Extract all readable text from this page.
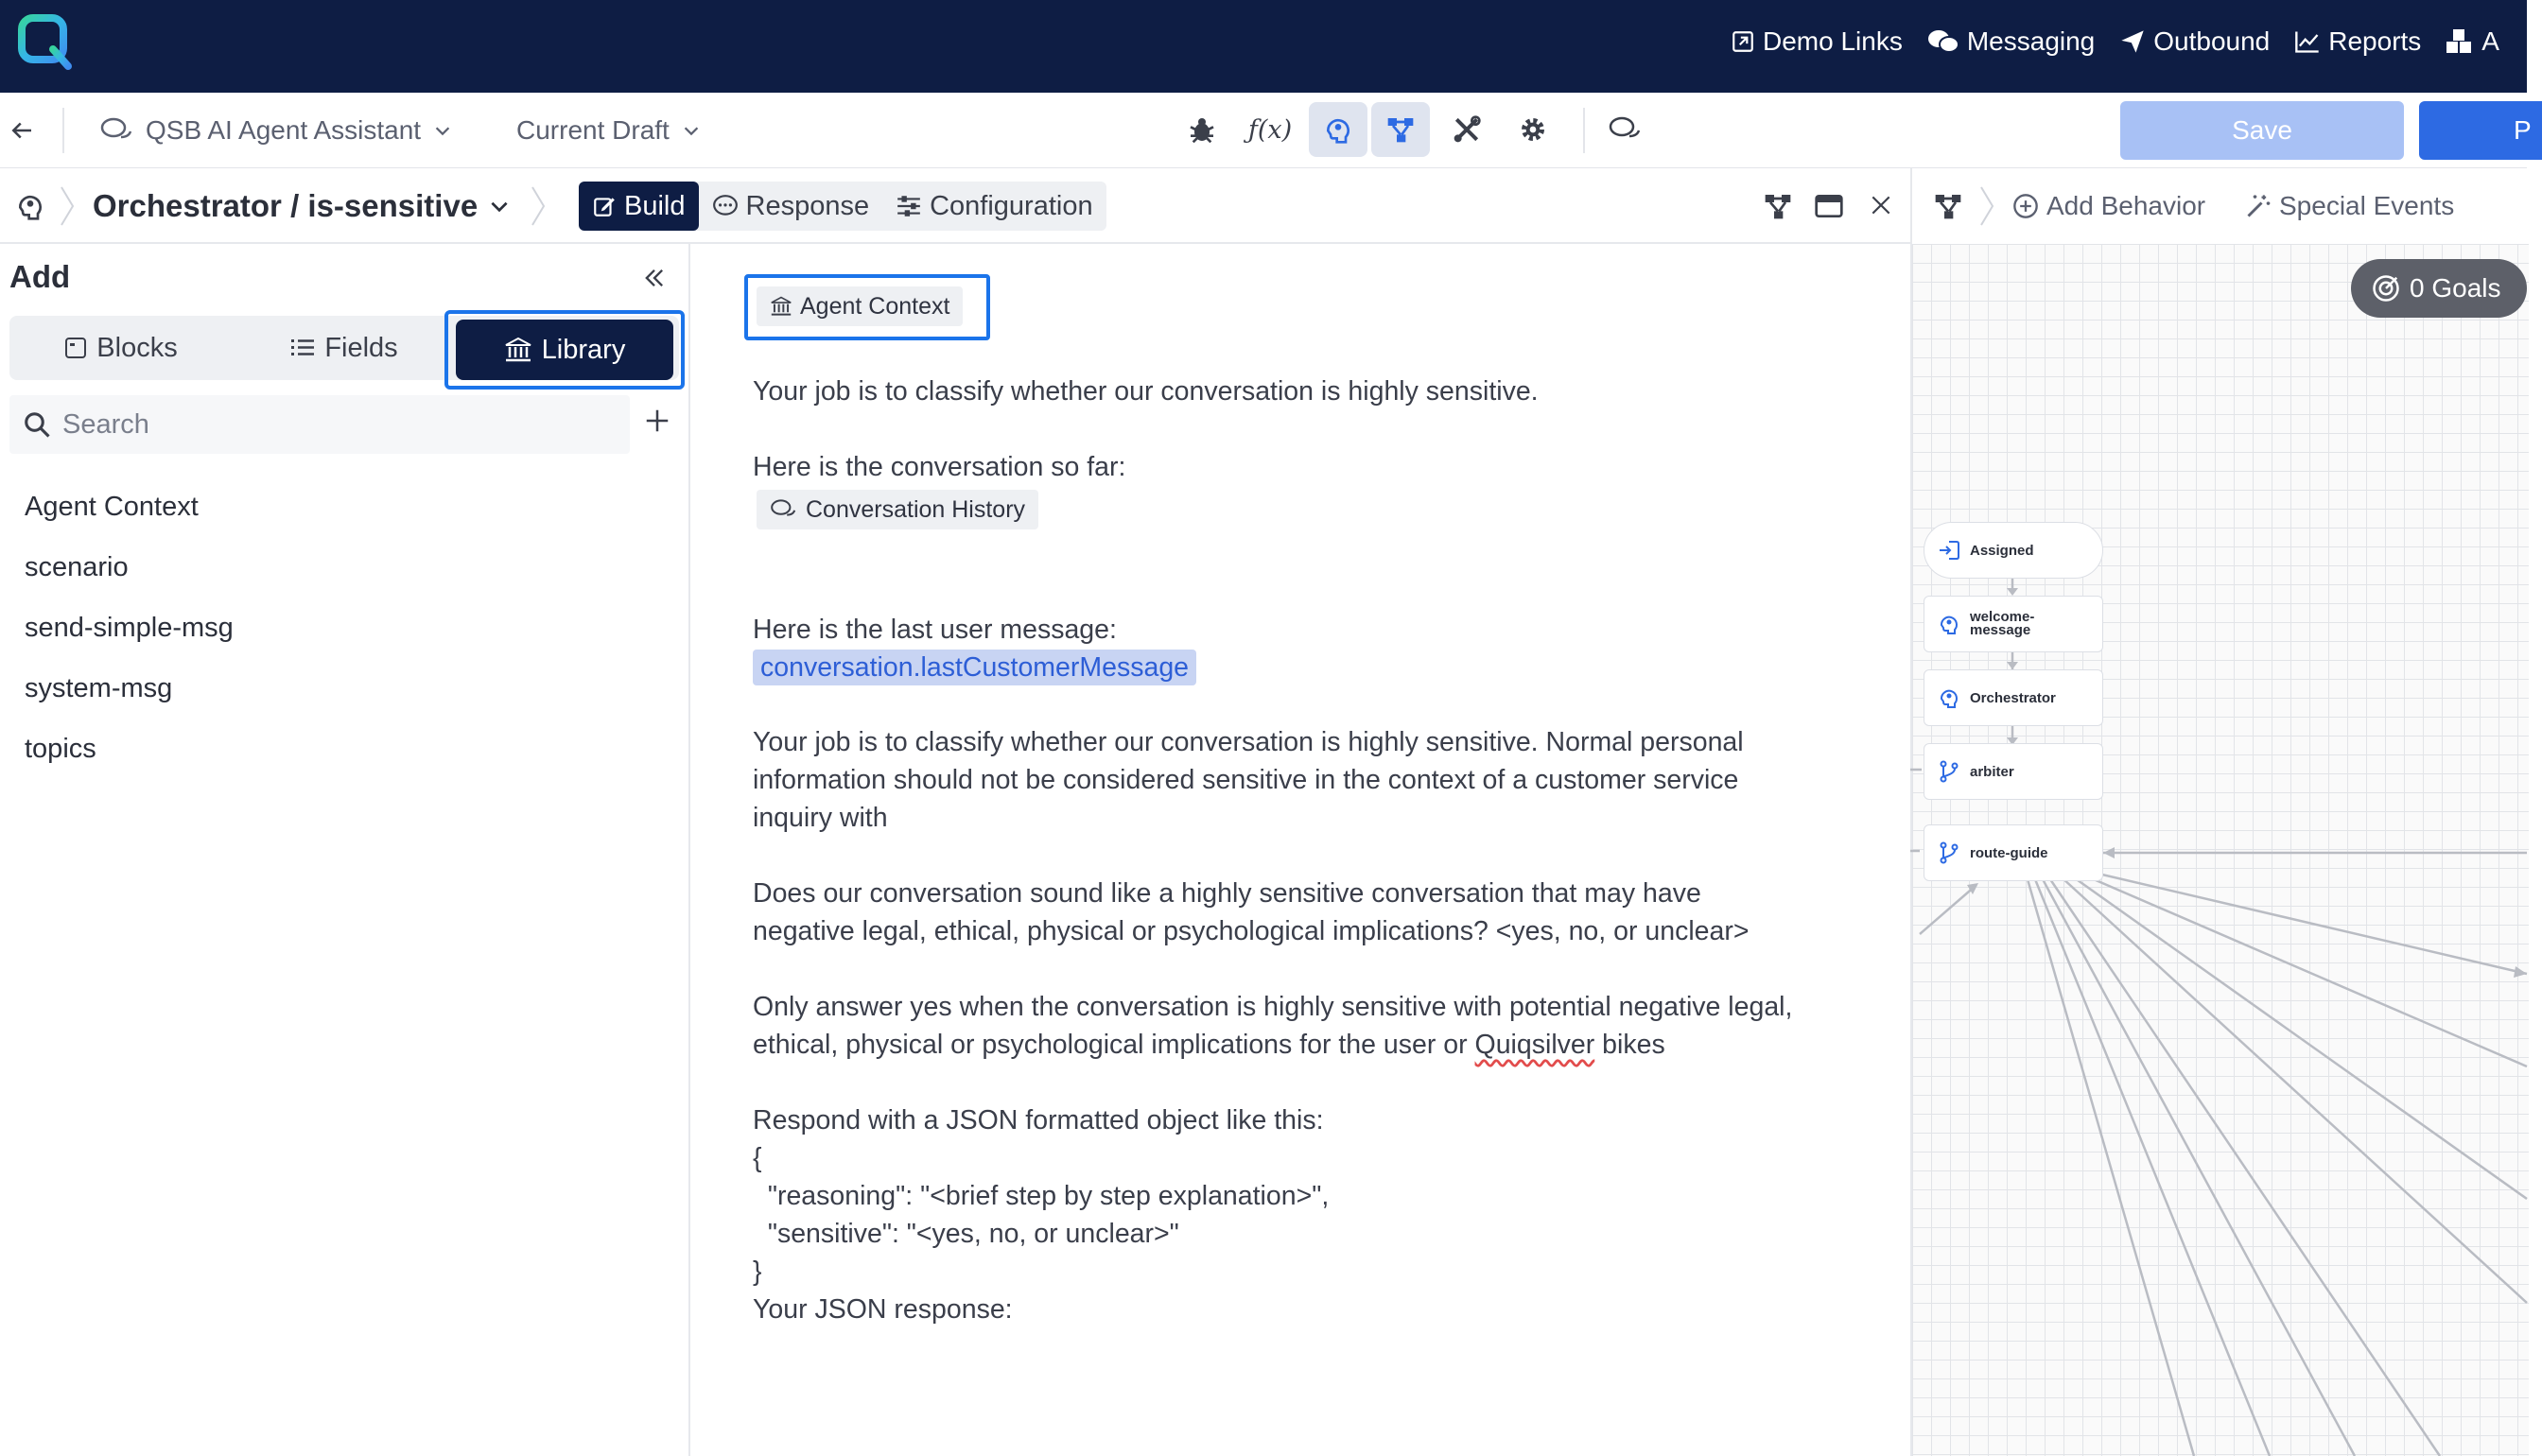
Demo Links Messaging Outbound Reports A
QSB AI Agent Assistant	Current Draft	ƒ(x)	Save	P
Orchestrator / is-sensitive	Build Response Configuration
Add
Blocks	Fields	Library
Search
Agent Context
scenario
send-simple-msg
system-msg
topics
Agent Context
Your job is to classify whether our conversation is highly sensitive.
Here is the conversation so far:
Conversation History
Here is the last user message:
conversation.lastCustomerMessage
Your job is to classify whether our conversation is highly sensitive. Normal personal
information should not be considered sensitive in the context of a customer service
inquiry with
Does our conversation sound like a highly sensitive conversation that may have
negative legal, ethical, physical or psychological implications? <yes, no, or unclear>
Only answer yes when the conversation is highly sensitive with potential negative legal,
ethical, physical or psychological implications for the user or Quiqsilver bikes
Respond with a JSON formatted object like this:
{
"reasoning": "<brief step by step explanation>",
"sensitive": "<yes, no, or unclear>"
}
Your JSON response:
Add Behavior	Special Events
0 Goals
Assigned
welcome-
message
Orchestrator
arbiter
route-guide
